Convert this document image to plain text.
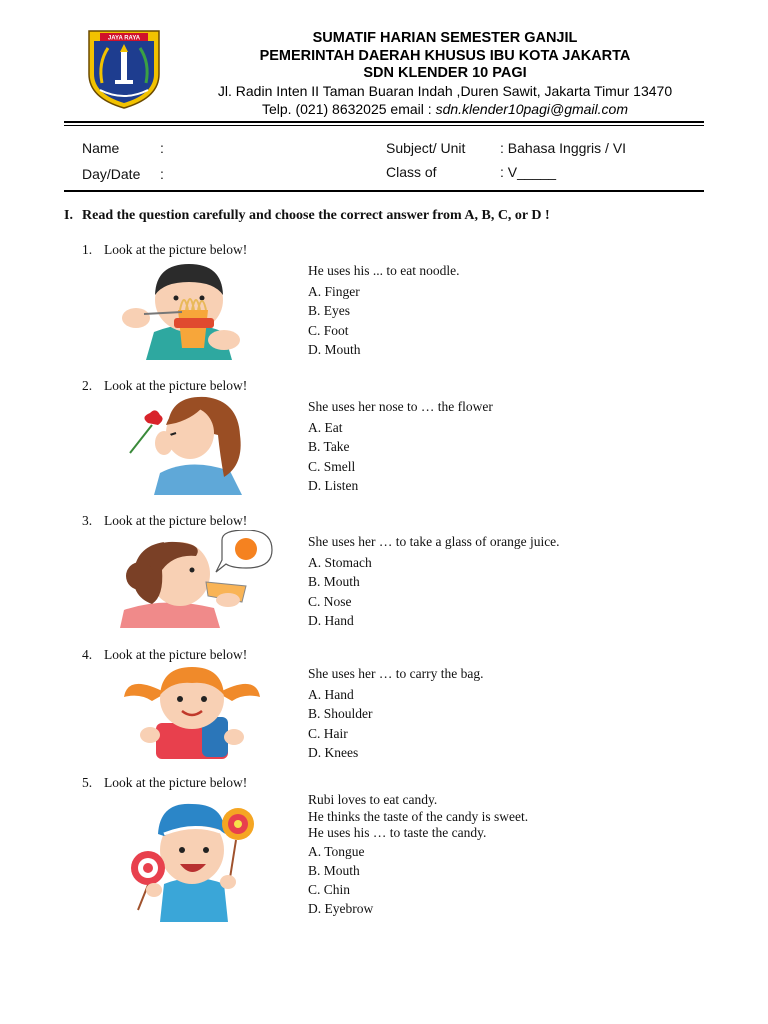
JAYA RAYA	SUMATIF HARIAN SEMESTER GANJIL
PEMERINTAH DAERAH KHUSUS IBU KOTA JAKARTA
SDN KLENDER 10 PAGI
Jl. Radin Inten II Taman Buaran Indah ,Duren Sawit, Jakarta Timur 13470
Telp. (021) 8632025 email : sdn.klender10pagi@gmail.com
Name	:
Day/Date :
Subject/ Unit : Bahasa Inggris / VI
Class of	: V_____
I. Read the question carefully and choose the correct answer from A, B, C, or D !
1. Look at the picture below!
He uses his ... to eat noodle.
A. Finger
B. Eyes
C. Foot
D. Mouth
2. Look at the picture below!
She uses her nose to … the flower
A. Eat
B. Take
C. Smell
D. Listen
3. Look at the picture below!
She uses her … to take a glass of orange juice.
A. Stomach
B. Mouth
C. Nose
D. Hand
4. Look at the picture below!
She uses her … to carry the bag.
A. Hand
B. Shoulder
C. Hair
D. Knees
5. Look at the picture below!
Rubi loves to eat candy.
He thinks the taste of the candy is sweet.
He uses his … to taste the candy.
A. Tongue
B. Mouth
C. Chin
D. Eyebrow
